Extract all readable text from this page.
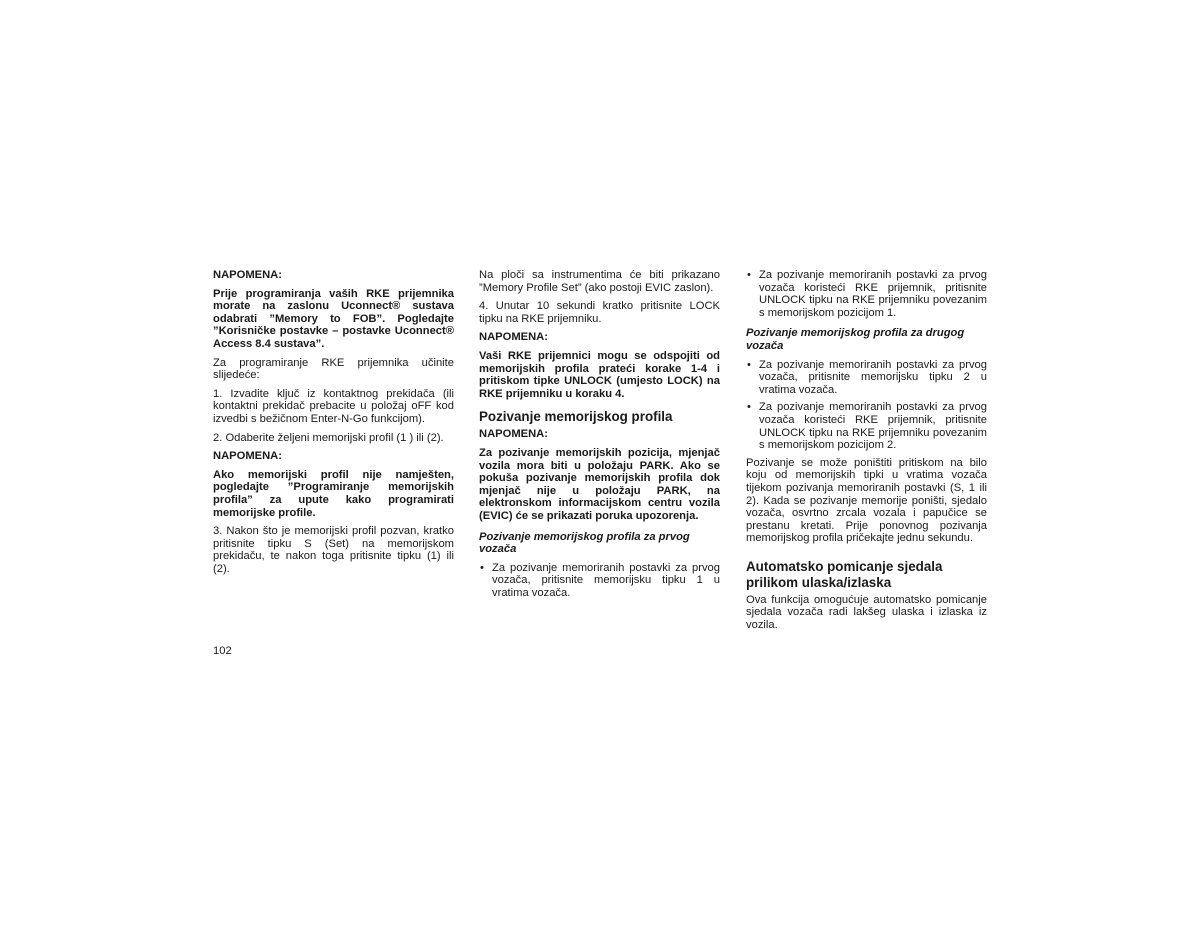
NAPOMENA:

Prije programiranja vaših RKE prijemnika morate na zaslonu Uconnect® sustava odabrati ”Memory to FOB”. Pogledajte ”Korisničke postavke – postavke Uconnect® Access 8.4 sustava”.

Za programiranje RKE prijemnika učinite slijedeće:

1. Izvadite ključ iz kontaktnog prekidača (ili kontaktni prekidač prebacite u položaj oFF kod izvedbi s bežičnom Enter-N-Go funkcijom).

2. Odaberite željeni memorijski profil (1 ) ili (2).

NAPOMENA:

Ako memorijski profil nije namješten, pogledajte ”Programiranje memorijskih profila” za upute kako programirati memorijske profile.

3. Nakon što je memorijski profil pozvan, kratko pritisnite tipku S (Set) na memorijskom prekidaču, te nakon toga pritisnite tipku (1) ili (2).

Na ploči sa instrumentima će biti prikazano ”Memory Profile Set” (ako postoji EVIC zaslon).

4. Unutar 10 sekundi kratko pritisnite LOCK tipku na RKE prijemniku.

NAPOMENA:

Vaši RKE prijemnici mogu se odspojiti od memorijskih profila prateći korake 1-4 i pritiskom tipke UNLOCK (umjesto LOCK) na RKE prijemniku u koraku 4.

Pozivanje memorijskog profila

NAPOMENA:

Za pozivanje memorijskih pozicija, mjenjač vozila mora biti u položaju PARK. Ako se pokuša pozivanje memorijskih profila dok mjenjač nije u položaju PARK, na elektronskom informacijskom centru vozila (EVIC) će se prikazati poruka upozorenja.

Pozivanje memorijskog profila za prvog vozača

• Za pozivanje memoriranih postavki za prvog vozača, pritisnite memorijsku tipku 1 u vratima vozača.
• Za pozivanje memoriranih postavki za prvog vozača koristeći RKE prijemnik, pritisnite UNLOCK tipku na RKE prijemniku povezanim s memorijskom pozicijom 1.

Pozivanje memorijskog profila za drugog vozača

• Za pozivanje memoriranih postavki za prvog vozača, pritisnite memorijsku tipku 2 u vratima vozača.
• Za pozivanje memoriranih postavki za prvog vozača koristeći RKE prijemnik, pritisnite UNLOCK tipku na RKE prijemniku povezanim s memorijskom pozicijom 2.

Pozivanje se može poništiti pritiskom na bilo koju od memorijskih tipki u vratima vozača tijekom pozivanja memoriranih postavki (S, 1 ili 2). Kada se pozivanje memorije poništi, sjedalo vozača, osvrtno zrcala vozala i papučice se prestanu kretati. Prije ponovnog pozivanja memorijskog profila pričekajte jednu sekundu.

Automatsko pomicanje sjedala prilikom ulaska/izlaska

Ova funkcija omogućuje automatsko pomicanje sjedala vozača radi lakšeg ulaska i izlaska iz vozila.

102
